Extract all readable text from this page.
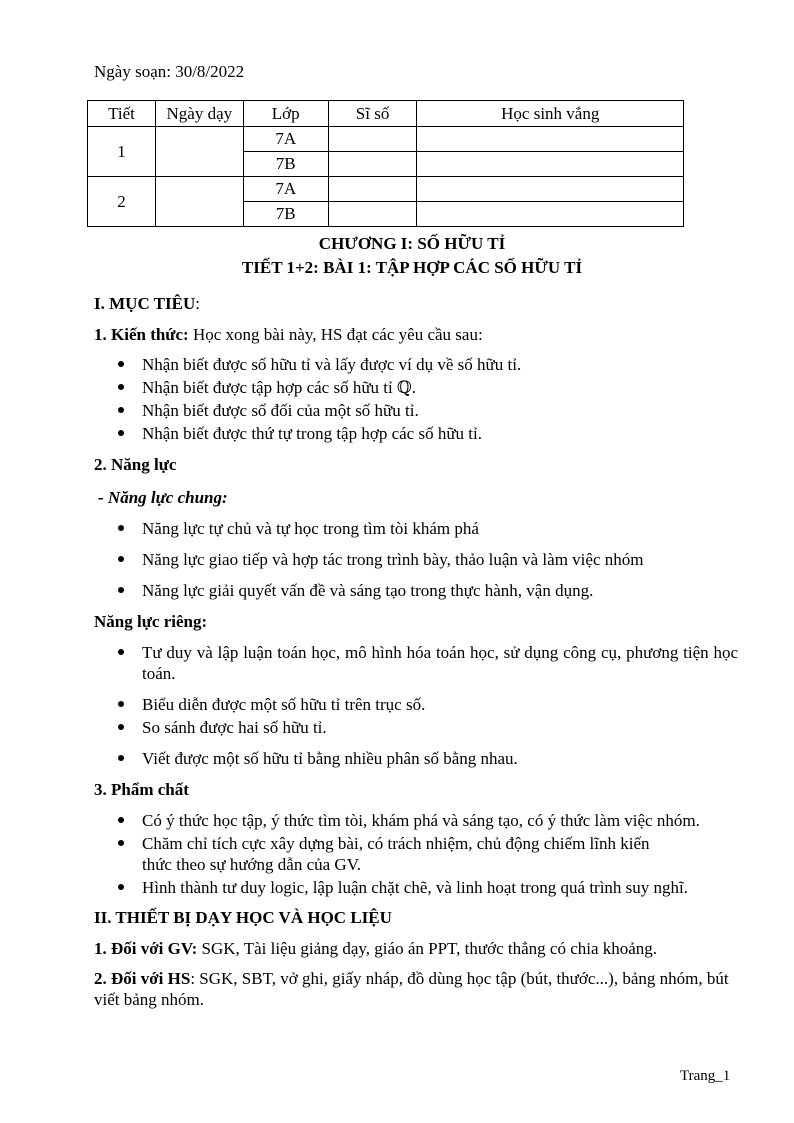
Ngày soạn: 30/8/2022
Tiết	Ngày dạy	Lớp	Sĩ số	Học sinh vắng
1		7A		
		7B		
2		7A		
		7B		
CHƯƠNG I: SỐ HỮU TỈ
TIẾT 1+2: BÀI 1: TẬP HỢP CÁC SỐ HỮU TỈ

I. MỤC TIÊU:

1. Kiến thức: Học xong bài này, HS đạt các yêu cầu sau:

Nhận biết được số hữu tỉ và lấy được ví dụ về số hữu tỉ.
Nhận biết được tập hợp các số hữu tỉ ℚ.
Nhận biết được số đối của một số hữu tỉ.
Nhận biết được thứ tự trong tập hợp các số hữu tỉ.

2. Năng lực

- Năng lực chung:

Năng lực tự chủ và tự học trong tìm tòi khám phá
Năng lực giao tiếp và hợp tác trong trình bày, thảo luận và làm việc nhóm
Năng lực giải quyết vấn đề và sáng tạo trong thực hành, vận dụng.

Năng lực riêng:

Tư duy và lập luận toán học, mô hình hóa toán học, sử dụng công cụ, phương tiện học toán.
Biểu diễn được một số hữu tỉ trên trục số.
So sánh được hai số hữu tỉ.
Viết được một số hữu tỉ bằng nhiều phân số bằng nhau.

3. Phẩm chất

Có ý thức học tập, ý thức tìm tòi, khám phá và sáng tạo, có ý thức làm việc nhóm.
Chăm chỉ tích cực xây dựng bài, có trách nhiệm, chủ động chiếm lĩnh kiến thức theo sự hướng dẫn của GV.
Hình thành tư duy logic, lập luận chặt chẽ, và linh hoạt trong quá trình suy nghĩ.

II. THIẾT BỊ DẠY HỌC VÀ HỌC LIỆU

1. Đối với GV: SGK, Tài liệu giảng dạy, giáo án PPT, thước thẳng có chia khoảng.

2. Đối với HS: SGK, SBT, vở ghi, giấy nháp, đồ dùng học tập (bút, thước...), bảng nhóm, bút viết bảng nhóm.

Trang_1
